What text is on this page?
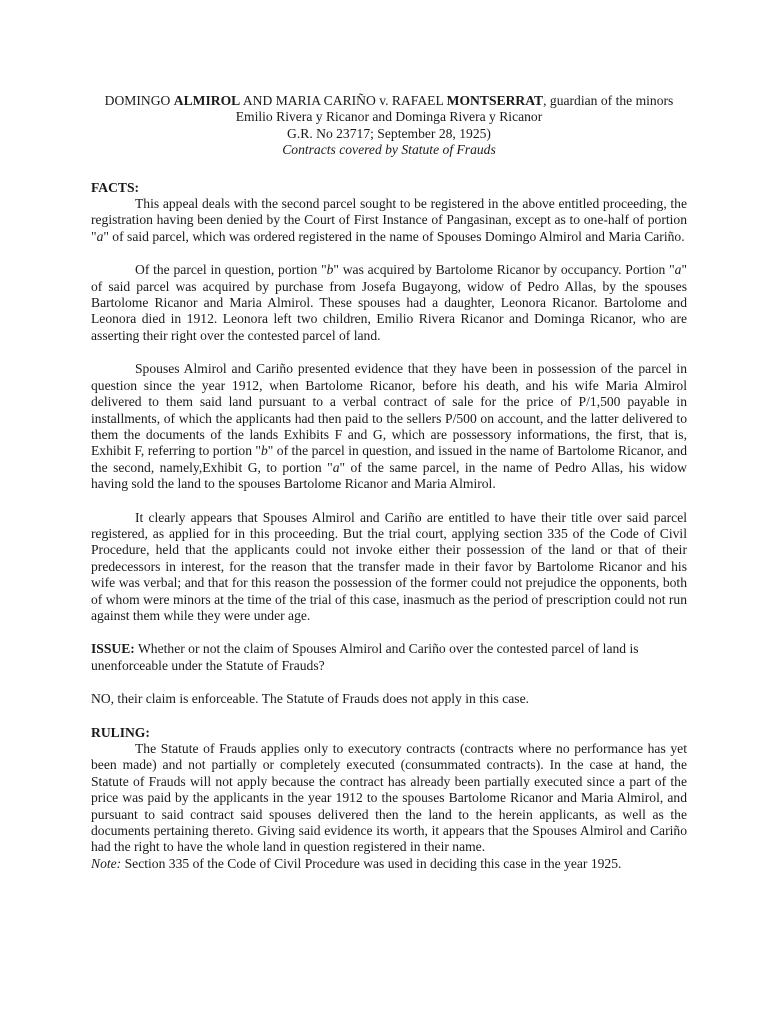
DOMINGO ALMIROL AND MARIA CARIÑO v. RAFAEL MONTSERRAT, guardian of the minors

Emilio Rivera y Ricanor and Dominga Rivera y Ricanor

G.R. No 23717; September 28, 1925)

Contracts covered by Statute of Frauds

FACTS:

This appeal deals with the second parcel sought to be registered in the above entitled proceeding, the registration having been denied by the Court of First Instance of Pangasinan, except as to one-half of portion "a" of said parcel, which was ordered registered in the name of Spouses Domingo Almirol and Maria Cariño.

Of the parcel in question, portion "b" was acquired by Bartolome Ricanor by occupancy. Portion "a" of said parcel was acquired by purchase from Josefa Bugayong, widow of Pedro Allas, by the spouses Bartolome Ricanor and Maria Almirol. These spouses had a daughter, Leonora Ricanor. Bartolome and Leonora died in 1912. Leonora left two children, Emilio Rivera Ricanor and Dominga Ricanor, who are asserting their right over the contested parcel of land.

Spouses Almirol and Cariño presented evidence that they have been in possession of the parcel in question since the year 1912, when Bartolome Ricanor, before his death, and his wife Maria Almirol delivered to them said land pursuant to a verbal contract of sale for the price of P/1,500 payable in installments, of which the applicants had then paid to the sellers P/500 on account, and the latter delivered to them the documents of the lands Exhibits F and G, which are possessory informations, the first, that is, Exhibit F, referring to portion "b" of the parcel in question, and issued in the name of Bartolome Ricanor, and the second, namely,Exhibit G, to portion "a" of the same parcel, in the name of Pedro Allas, his widow having sold the land to the spouses Bartolome Ricanor and Maria Almirol.

It clearly appears that Spouses Almirol and Cariño are entitled to have their title over said parcel registered, as applied for in this proceeding. But the trial court, applying section 335 of the Code of Civil Procedure, held that the applicants could not invoke either their possession of the land or that of their predecessors in interest, for the reason that the transfer made in their favor by Bartolome Ricanor and his wife was verbal; and that for this reason the possession of the former could not prejudice the opponents, both of whom were minors at the time of the trial of this case, inasmuch as the period of prescription could not run against them while they were under age.

ISSUE: Whether or not the claim of Spouses Almirol and Cariño over the contested parcel of land is unenforceable under the Statute of Frauds?

NO, their claim is enforceable. The Statute of Frauds does not apply in this case.

RULING:

The Statute of Frauds applies only to executory contracts (contracts where no performance has yet been made) and not partially or completely executed (consummated contracts). In the case at hand, the Statute of Frauds will not apply because the contract has already been partially executed since a part of the price was paid by the applicants in the year 1912 to the spouses Bartolome Ricanor and Maria Almirol, and pursuant to said contract said spouses delivered then the land to the herein applicants, as well as the documents pertaining thereto. Giving said evidence its worth, it appears that the Spouses Almirol and Cariño had the right to have the whole land in question registered in their name.

Note: Section 335 of the Code of Civil Procedure was used in deciding this case in the year 1925.
